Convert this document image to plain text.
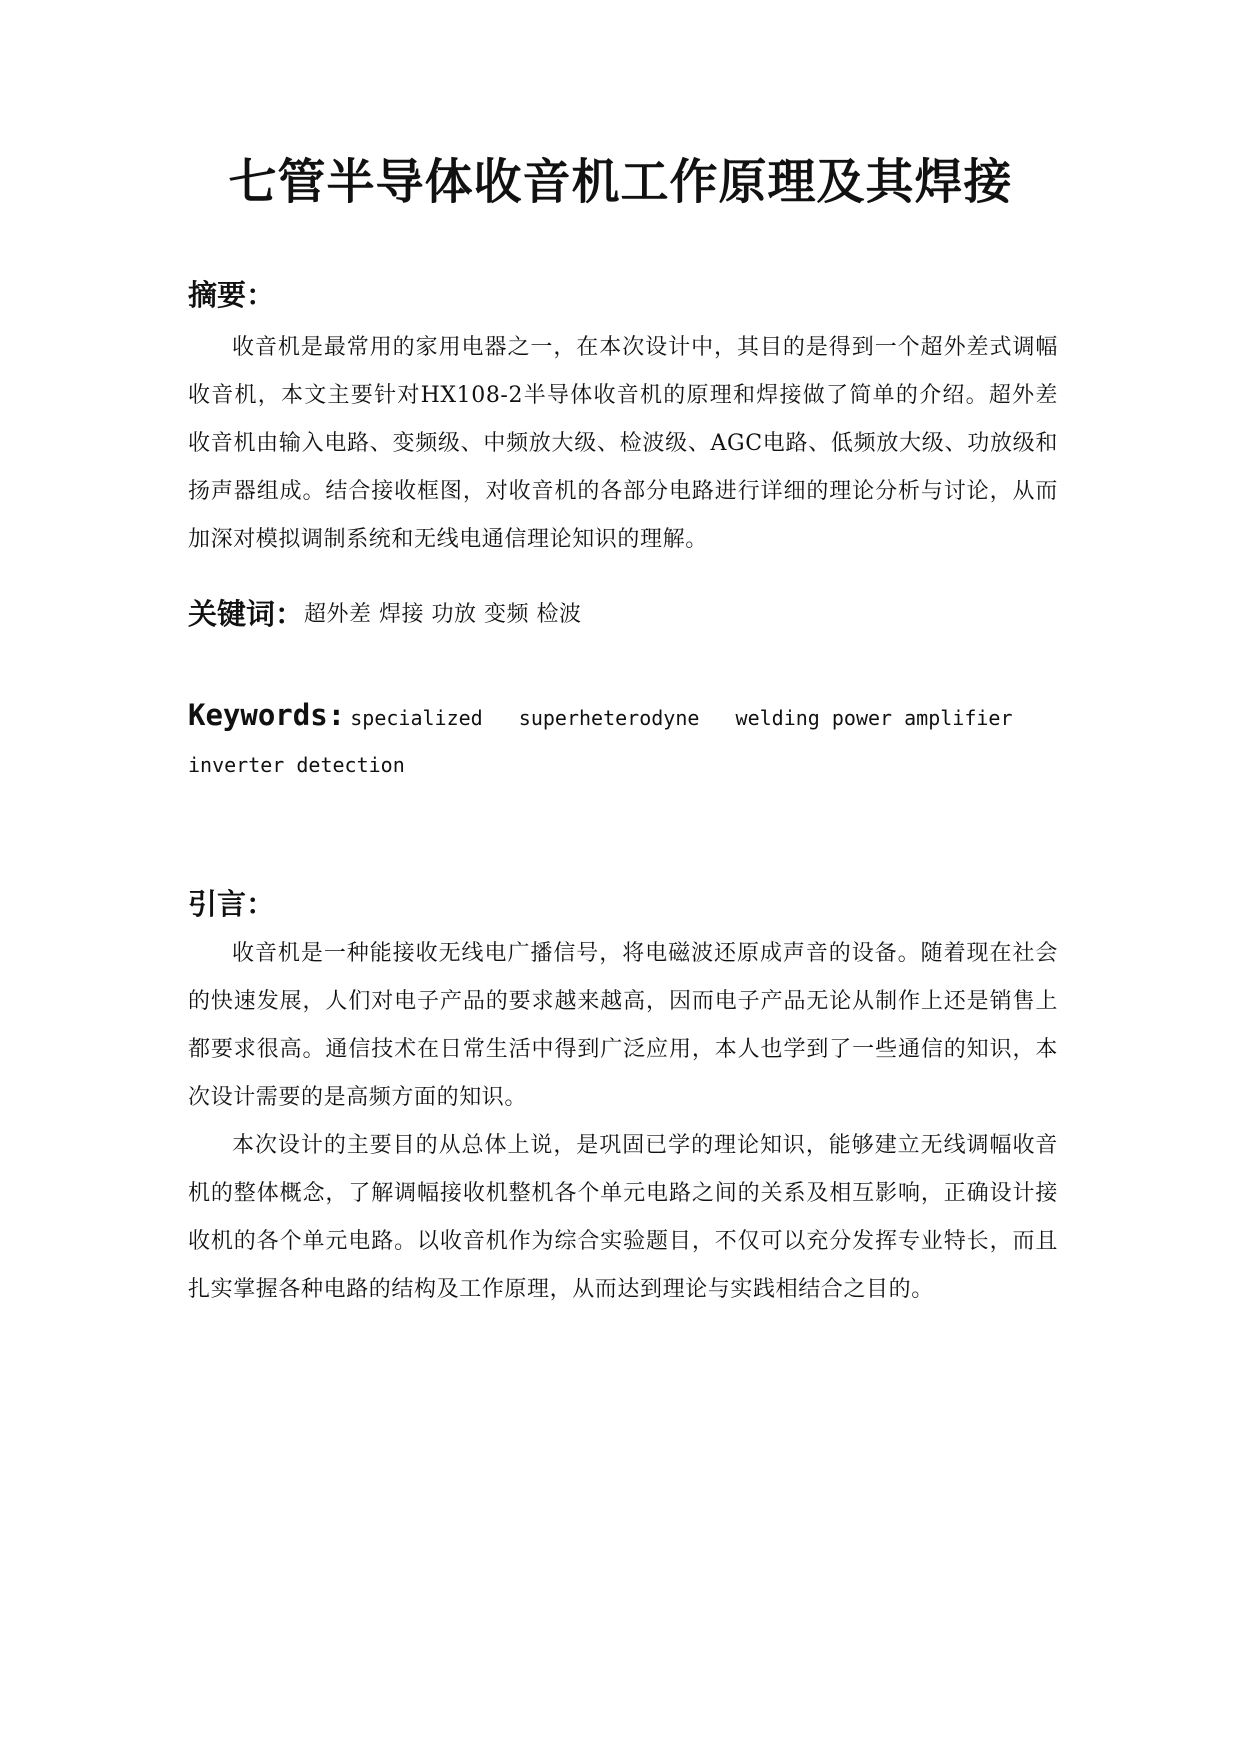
七管半导体收音机工作原理及其焊接
摘要：

收音机是最常用的家用电器之一，在本次设计中，其目的是得到一个超外差式调幅收音机，本文主要针对HX108-2半导体收音机的原理和焊接做了简单的介绍。超外差收音机由输入电路、变频级、中频放大级、检波级、AGC电路、低频放大级、功放级和扬声器组成。结合接收框图，对收音机的各部分电路进行详细的理论分析与讨论，从而加深对模拟调制系统和无线电通信理论知识的理解。

关键词：超外差 焊接 功放 变频 检波

Keywords: specialized   superheterodyne   welding power amplifier

inverter detection

引言：

收音机是一种能接收无线电广播信号，将电磁波还原成声音的设备。随着现在社会的快速发展，人们对电子产品的要求越来越高，因而电子产品无论从制作上还是销售上都要求很高。通信技术在日常生活中得到广泛应用，本人也学到了一些通信的知识，本次设计需要的是高频方面的知识。

本次设计的主要目的从总体上说，是巩固已学的理论知识，能够建立无线调幅收音机的整体概念，了解调幅接收机整机各个单元电路之间的关系及相互影响，正确设计接收机的各个单元电路。以收音机作为综合实验题目，不仅可以充分发挥专业特长，而且扎实掌握各种电路的结构及工作原理，从而达到理论与实践相结合之目的。
